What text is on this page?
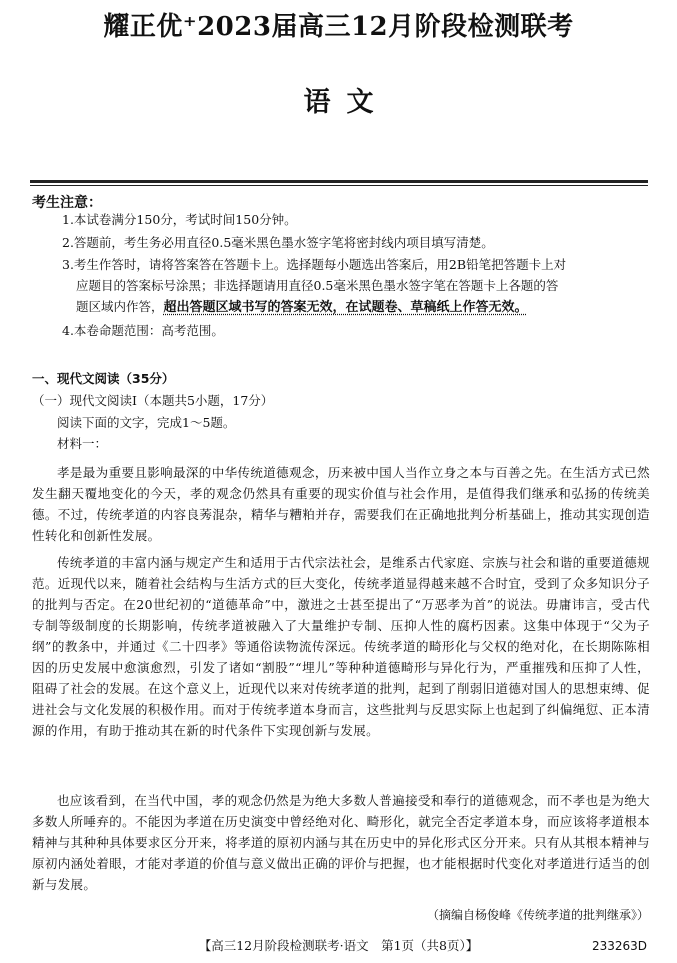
耀正优⁺2023届高三12月阶段检测联考
语文
考生注意：
1.本试卷满分150分，考试时间150分钟。
2.答题前，考生务必用直径0.5毫米黑色墨水签字笔将密封线内项目填写清楚。
3.考生作答时，请将答案答在答题卡上。选择题每小题选出答案后，用2B铅笔把答题卡上对
应题目的答案标号涂黑；非选择题请用直径0.5毫米黑色墨水签字笔在答题卡上各题的答
题区域内作答，超出答题区域书写的答案无效，在试题卷、草稿纸上作答无效。
4.本卷命题范围：高考范围。
一、现代文阅读（35分）
（一）现代文阅读Ⅰ（本题共5小题，17分）
阅读下面的文字，完成1～5题。
材料一：
孝是最为重要且影响最深的中华传统道德观念，历来被中国人当作立身之本与百善之先。在生活方式已然发生翻天覆地变化的今天，孝的观念仍然具有重要的现实价值与社会作用，是值得我们继承和弘扬的传统美德。不过，传统孝道的内容良莠混杂，精华与糟粕并存，需要我们在正确地批判分析基础上，推动其实现创造性转化和创新性发展。
传统孝道的丰富内涵与规定产生和适用于古代宗法社会，是维系古代家庭、宗族与社会和谐的重要道德规范。近现代以来，随着社会结构与生活方式的巨大变化，传统孝道显得越来越不合时宜，受到了众多知识分子的批判与否定。在20世纪初的“道德革命”中，激进之士甚至提出了“万恶孝为首”的说法。毋庸讳言，受古代专制等级制度的长期影响，传统孝道被融入了大量维护专制、压抑人性的腐朽因素。这集中体现于“父为子纲”的教条中，并通过《二十四孝》等通俗读物流传深远。传统孝道的畸形化与父权的绝对化，在长期陈陈相因的历史发展中愈演愈烈，引发了诸如“割股”“埋儿”等种种道德畸形与异化行为，严重摧残和压抑了人性，阻碍了社会的发展。在这个意义上，近现代以来对传统孝道的批判，起到了削弱旧道德对国人的思想束缚、促进社会与文化发展的积极作用。而对于传统孝道本身而言，这些批判与反思实际上也起到了纠偏绳愆、正本清源的作用，有助于推动其在新的时代条件下实现创新与发展。
也应该看到，在当代中国，孝的观念仍然是为绝大多数人普遍接受和奉行的道德观念，而不孝也是为绝大多数人所唾弃的。不能因为孝道在历史演变中曾经绝对化、畸形化，就完全否定孝道本身，而应该将孝道根本精神与其种种具体要求区分开来，将孝道的原初内涵与其在历史中的异化形式区分开来。只有从其根本精神与原初内涵处着眼，才能对孝道的价值与意义做出正确的评价与把握，也才能根据时代变化对孝道进行适当的创新与发展。
（摘编自杨俊峰《传统孝道的批判继承》）
【高三12月阶段检测联考·语文　第1页（共8页）】	233263D
